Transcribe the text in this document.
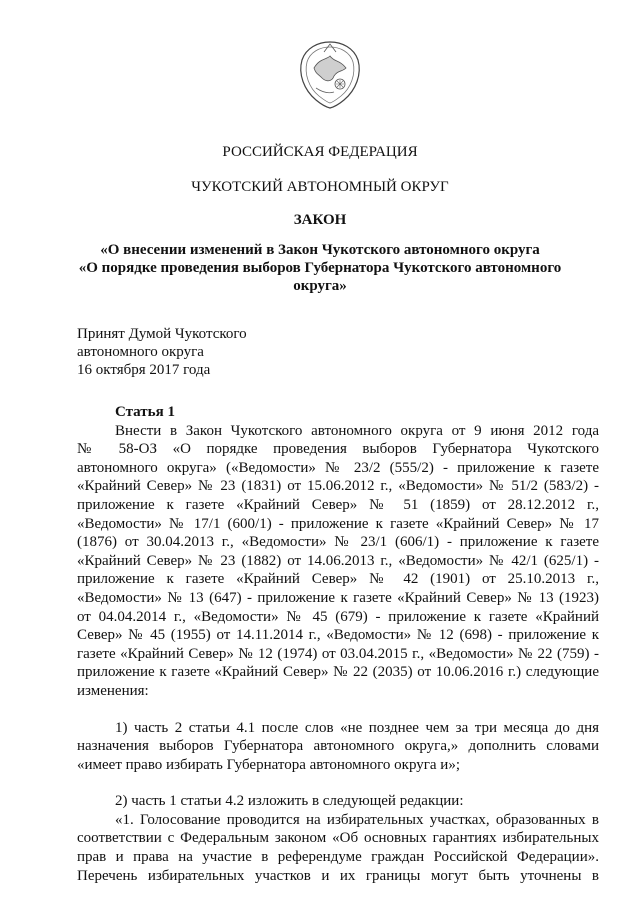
РОССИЙСКАЯ ФЕДЕРАЦИЯ
ЧУКОТСКИЙ АВТОНОМНЫЙ ОКРУГ
ЗАКОН
«О внесении изменений в Закон Чукотского автономного округа
«О порядке проведения выборов Губернатора Чукотского автономного
округа»
Принят Думой Чукотского
автономного округа
16 октября 2017 года
Статья 1
Внести в Закон Чукотского автономного округа от 9 июня 2012 года
№ 58-ОЗ «О порядке проведения выборов Губернатора Чукотского
автономного округа» («Ведомости» № 23/2 (555/2) - приложение к газете
«Крайний Север» № 23 (1831) от 15.06.2012 г., «Ведомости» № 51/2 (583/2) -
приложение к газете «Крайний Север» № 51 (1859) от 28.12.2012 г.,
«Ведомости» № 17/1 (600/1) - приложение к газете «Крайний Север» № 17
(1876) от 30.04.2013 г., «Ведомости» № 23/1 (606/1) - приложение к газете
«Крайний Север» № 23 (1882) от 14.06.2013 г., «Ведомости» № 42/1 (625/1) -
приложение к газете «Крайний Север» № 42 (1901) от 25.10.2013 г.,
«Ведомости» № 13 (647) - приложение к газете «Крайний Север» № 13 (1923)
от 04.04.2014 г., «Ведомости» № 45 (679) - приложение к газете «Крайний
Север» № 45 (1955) от 14.11.2014 г., «Ведомости» № 12 (698) - приложение к
газете «Крайний Север» № 12 (1974) от 03.04.2015 г., «Ведомости» № 22 (759) -
приложение к газете «Крайний Север» № 22 (2035) от 10.06.2016 г.) следующие
изменения:
1) часть 2 статьи 4.1 после слов «не позднее чем за три месяца до дня
назначения выборов Губернатора автономного округа,» дополнить словами
«имеет право избирать Губернатора автономного округа и»;
2) часть 1 статьи 4.2 изложить в следующей редакции:
«1. Голосование проводится на избирательных участках, образованных в
соответствии с Федеральным законом «Об основных гарантиях избирательных
прав и права на участие в референдуме граждан Российской Федерации».
Перечень избирательных участков и их границы могут быть уточнены в
